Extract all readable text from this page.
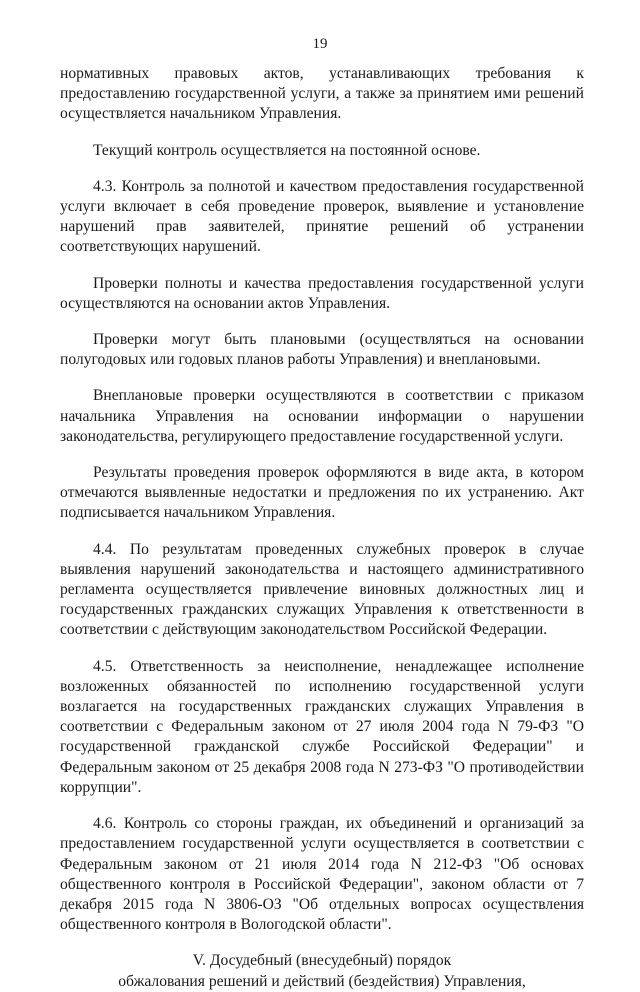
19

нормативных правовых актов, устанавливающих требования к предоставлению государственной услуги, а также за принятием ими решений осуществляется начальником Управления.

Текущий контроль осуществляется на постоянной основе.

4.3. Контроль за полнотой и качеством предоставления государственной услуги включает в себя проведение проверок, выявление и установление нарушений прав заявителей, принятие решений об устранении соответствующих нарушений.

Проверки полноты и качества предоставления государственной услуги осуществляются на основании актов Управления.

Проверки могут быть плановыми (осуществляться на основании полугодовых или годовых планов работы Управления) и внеплановыми.

Внеплановые проверки осуществляются в соответствии с приказом начальника Управления на основании информации о нарушении законодательства, регулирующего предоставление государственной услуги.

Результаты проведения проверок оформляются в виде акта, в котором отмечаются выявленные недостатки и предложения по их устранению. Акт подписывается начальником Управления.

4.4. По результатам проведенных служебных проверок в случае выявления нарушений законодательства и настоящего административного регламента осуществляется привлечение виновных должностных лиц и государственных гражданских служащих Управления к ответственности в соответствии с действующим законодательством Российской Федерации.

4.5. Ответственность за неисполнение, ненадлежащее исполнение возложенных обязанностей по исполнению государственной услуги возлагается на государственных гражданских служащих Управления в соответствии с Федеральным законом от 27 июля 2004 года N 79-ФЗ "О государственной гражданской службе Российской Федерации" и Федеральным законом от 25 декабря 2008 года N 273-ФЗ "О противодействии коррупции".

4.6. Контроль со стороны граждан, их объединений и организаций за предоставлением государственной услуги осуществляется в соответствии с Федеральным законом от 21 июля 2014 года N 212-ФЗ "Об основах общественного контроля в Российской Федерации", законом области от 7 декабря 2015 года N 3806-ОЗ "Об отдельных вопросах осуществления общественного контроля в Вологодской области".

V. Досудебный (внесудебный) порядок
обжалования решений и действий (бездействия) Управления,
